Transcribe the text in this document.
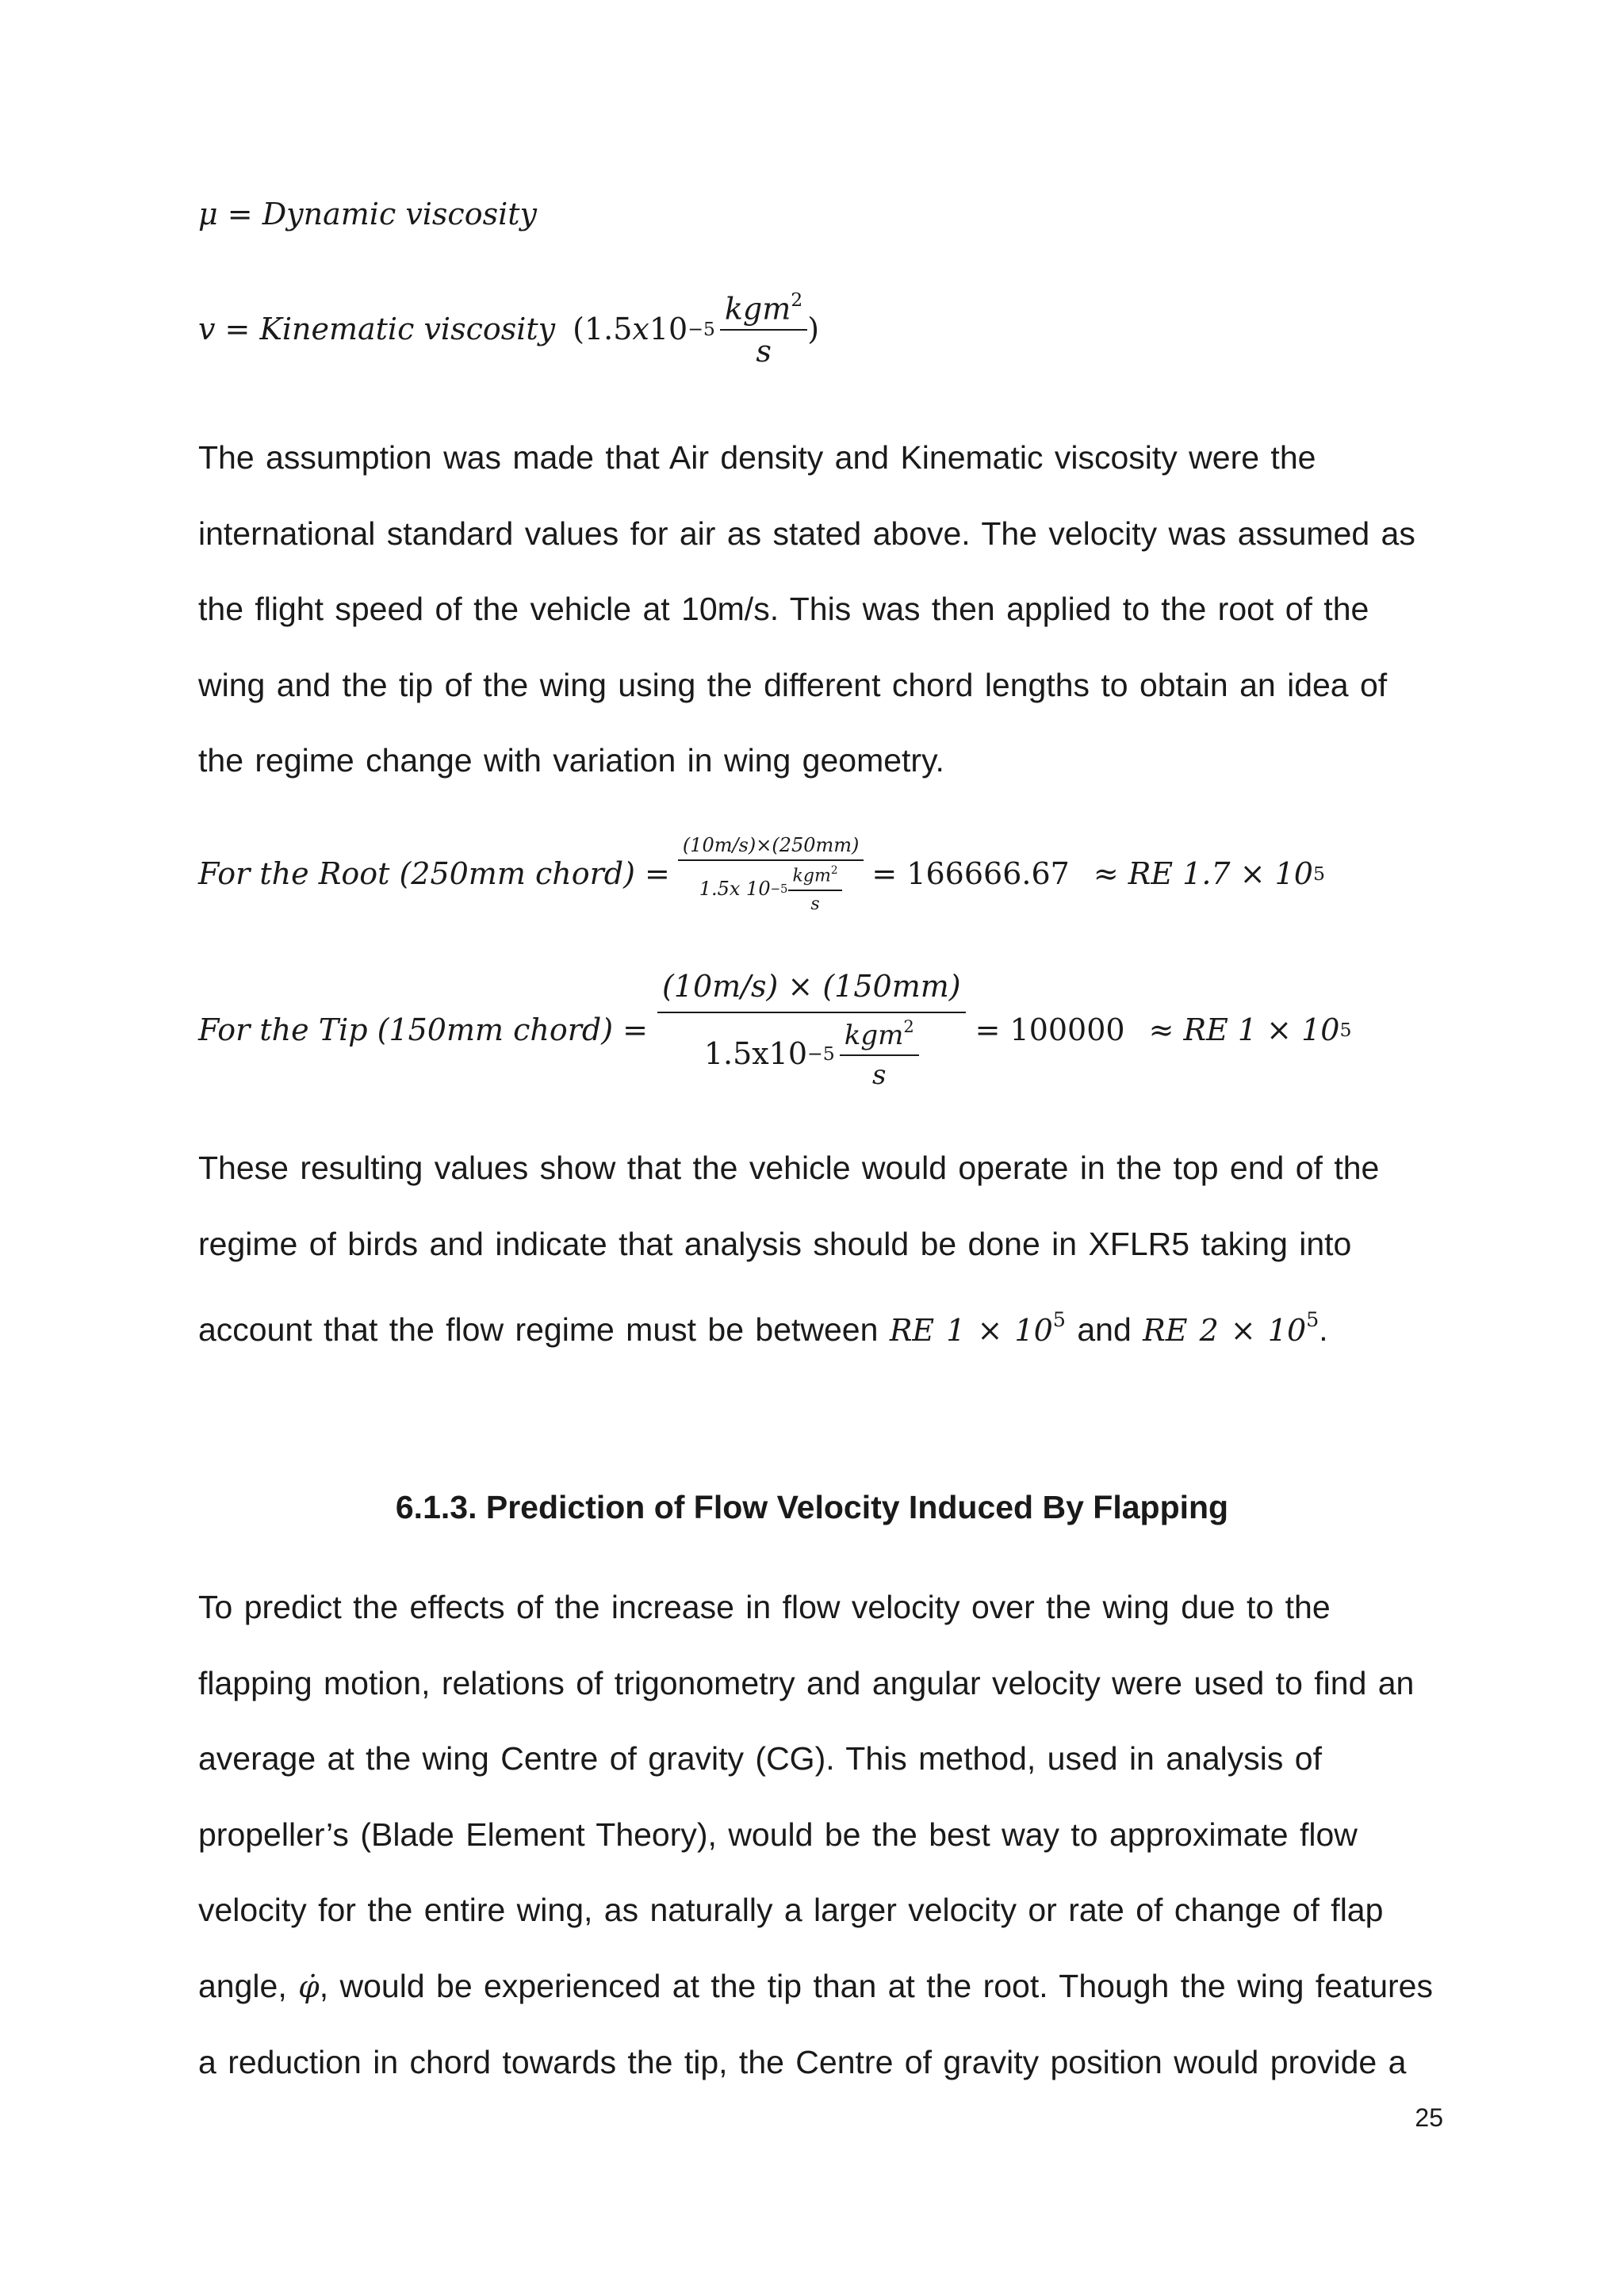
μ = Dynamic viscosity
v = Kinematic viscosity (1.5 x $10 -5 \frac{kgm^2}{s}$ )

The assumption was made that Air density and Kinematic viscosity were the international standard values for air as stated above. The velocity was assumed as the flight speed of the vehicle at 10m/s. This was then applied to the root of the wing and the tip of the wing using the different chord lengths to obtain an idea of the regime change with variation in wing geometry.

For the Root (250mm chord) = $\frac{(10m/s)\times(250mm)}{1.5x 10 -5 \frac{kgm^2}{s}} = 166666.67$ ≈ RE 1.7 × 10 5
For the Tip (150mm chord) = $\frac{(10m/s) \times (150mm)}{1.5x10 -5 \frac{kgm^2}{s}} = 100000$ ≈ RE 1 × 10 5

These resulting values show that the vehicle would operate in the top end of the regime of birds and indicate that analysis should be done in XFLR5 taking into account that the flow regime must be between RE $1 \times 10^5$ and RE $2 \times 10^5$.

6.1.3. Prediction of Flow Velocity Induced By Flapping

To predict the effects of the increase in flow velocity over the wing due to the flapping motion, relations of trigonometry and angular velocity were used to find an average at the wing Centre of gravity (CG). This method, used in analysis of propeller’s (Blade Element Theory), would be the best way to approximate flow velocity for the entire wing, as naturally a larger velocity or rate of change of flap angle, φ̇, would be experienced at the tip than at the root. Though the wing features a reduction in chord towards the tip, the Centre of gravity position would provide a

25
